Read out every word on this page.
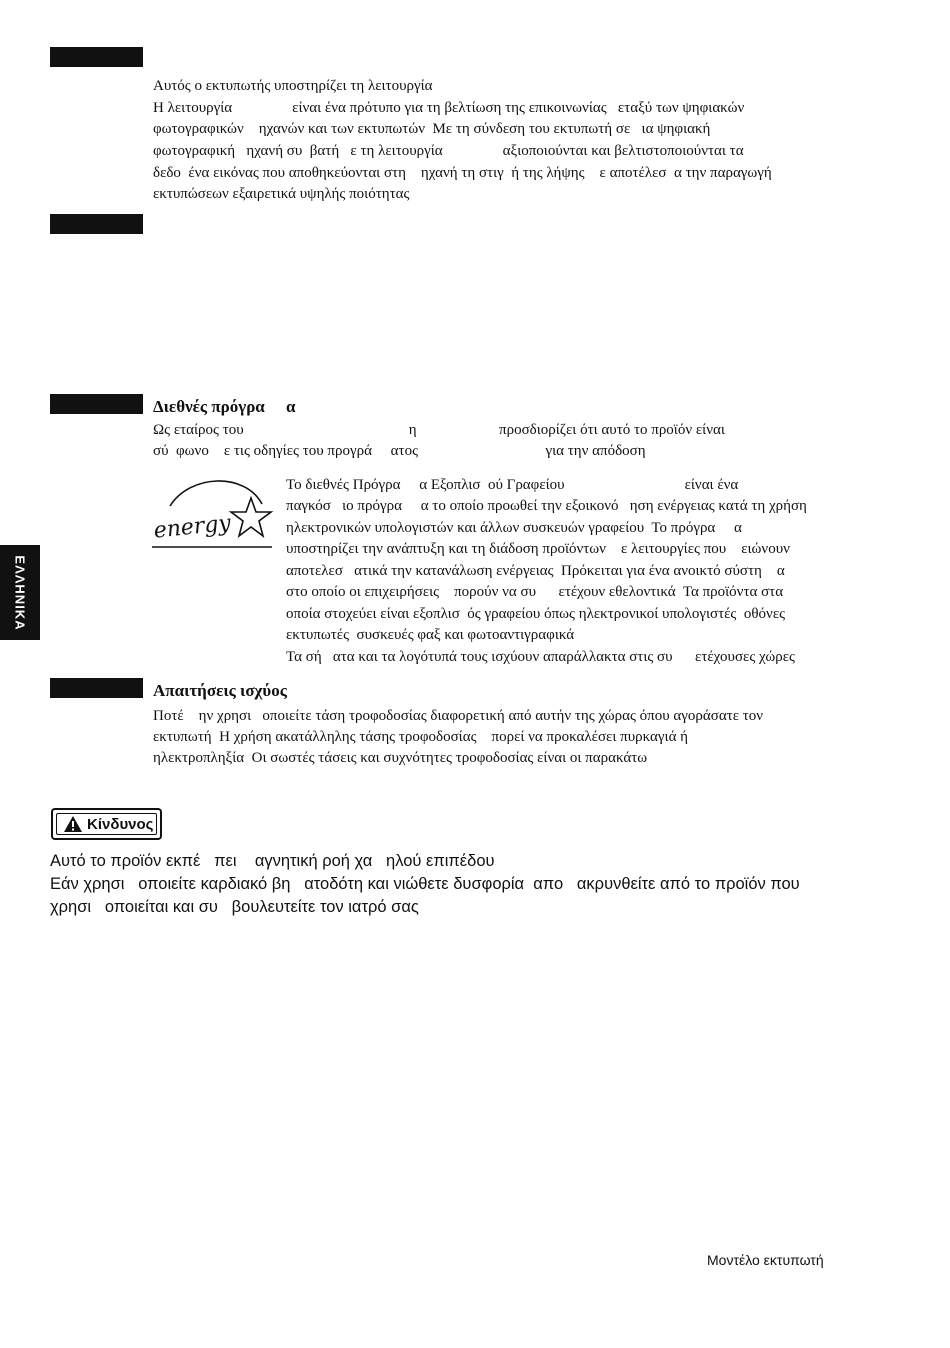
ΕΛΛΗΝΙΚΑ
Αυτός ο εκτυπωτής υποστηρίζει τη λειτουργία
Η λειτουργία                είναι ένα πρότυπο για τη βελτίωση της επικοινωνίας   εταξύ των ψηφιακών
φωτογραφικών    ηχανών και των εκτυπωτών  Με τη σύνδεση του εκτυπωτή σε   ια ψηφιακή
φωτογραφική   ηχανή συ  βατή   ε τη λειτουργία                αξιοποιούνται και βελτιστοποιούνται τα
δεδο  ένα εικόνας που αποθηκεύονται στη    ηχανή τη στιγ  ή της λήψης    ε αποτέλεσ  α την παραγωγή
εκτυπώσεων εξαιρετικά υψηλής ποιότητας
Διεθνές πρόγρα     α
Ως εταίρος του                                            η                      προσδιορίζει ότι αυτό το προϊόν είναι
σύ  φωνο    ε τις οδηγίες του προγρά     ατος                                  για την απόδοση
energy
Το διεθνές Πρόγρα     α Εξοπλισ  ού Γραφείου                                είναι ένα
παγκόσ   ιο πρόγρα     α το οποίο προωθεί την εξοικονό   ηση ενέργειας κατά τη χρήση
ηλεκτρονικών υπολογιστών και άλλων συσκευών γραφείου  Το πρόγρα     α
υποστηρίζει την ανάπτυξη και τη διάδοση προϊόντων    ε λειτουργίες που    ειώνουν
αποτελεσ   ατικά την κατανάλωση ενέργειας  Πρόκειται για ένα ανοικτό σύστη    α
στο οποίο οι επιχειρήσεις    πορούν να συ      ετέχουν εθελοντικά  Τα προϊόντα στα
οποία στοχεύει είναι εξοπλισ  ός γραφείου όπως ηλεκτρονικοί υπολογιστές  οθόνες
εκτυπωτές  συσκευές φαξ και φωτοαντιγραφικά
Τα σή   ατα και τα λογότυπά τους ισχύουν απαράλλακτα στις συ      ετέχουσες χώρες
Απαιτήσεις ισχύος
Ποτέ    ην χρησι   οποιείτε τάση τροφοδοσίας διαφορετική από αυτήν της χώρας όπου αγοράσατε τον
εκτυπωτή  Η χρήση ακατάλληλης τάσης τροφοδοσίας    πορεί να προκαλέσει πυρκαγιά ή
ηλεκτροπληξία  Οι σωστές τάσεις και συχνότητες τροφοδοσίας είναι οι παρακάτω
Κίνδυνος
Αυτό το προϊόν εκπέ   πει    αγνητική ροή χα   ηλού επιπέδου
Εάν χρησι   οποιείτε καρδιακό βη   ατοδότη και νιώθετε δυσφορία  απο   ακρυνθείτε από το προϊόν που
χρησι   οποιείται και συ   βουλευτείτε τον ιατρό σας
Μοντέλο εκτυπωτή
